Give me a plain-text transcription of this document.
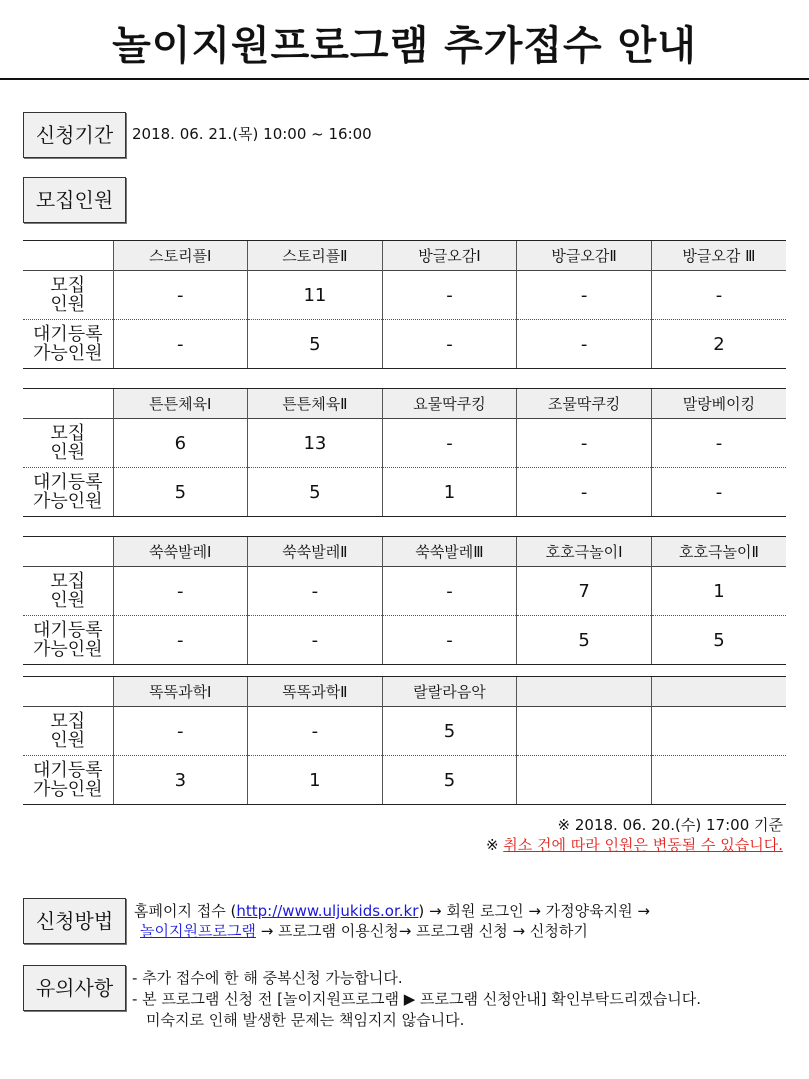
놀이지원프로그램 추가접수 안내
신청기간	2018. 06. 21.(목) 10:00 ~ 16:00
모집인원
	스토리플Ⅰ	스토리플Ⅱ	방글오감Ⅰ	방글오감Ⅱ	방글오감 Ⅲ
모집
인원	-	11	-	-	-
대기등록
가능인원	-	5	-	-	2
	튼튼체육Ⅰ	튼튼체육Ⅱ	요물딱쿠킹	조물딱쿠킹	말랑베이킹
모집
인원	6	13	-	-	-
대기등록
가능인원	5	5	1	-	-
	쑥쑥발레Ⅰ	쑥쑥발레Ⅱ	쑥쑥발레Ⅲ	호호극놀이Ⅰ	호호극놀이Ⅱ
모집
인원	-	-	-	7	1
대기등록
가능인원	-	-	-	5	5
	똑똑과학Ⅰ	똑똑과학Ⅱ	랄랄라음악		
모집
인원	-	-	5		
대기등록
가능인원	3	1	5		
※ 2018. 06. 20.(수) 17:00 기준
※ 취소 건에 따라 인원은 변동될 수 있습니다.
신청방법	홈페이지 접수 (http://www.uljukids.or.kr) → 회원 로그인 → 가정양육지원 →
놀이지원프로그램 → 프로그램 이용신청→ 프로그램 신청 → 신청하기
유의사항	- 추가 접수에 한 해 중복신청 가능합니다.
- 본 프로그램 신청 전 [놀이지원프로그램 ▶ 프로그램 신청안내] 확인부탁드리겠습니다.
미숙지로 인해 발생한 문제는 책임지지 않습니다.
